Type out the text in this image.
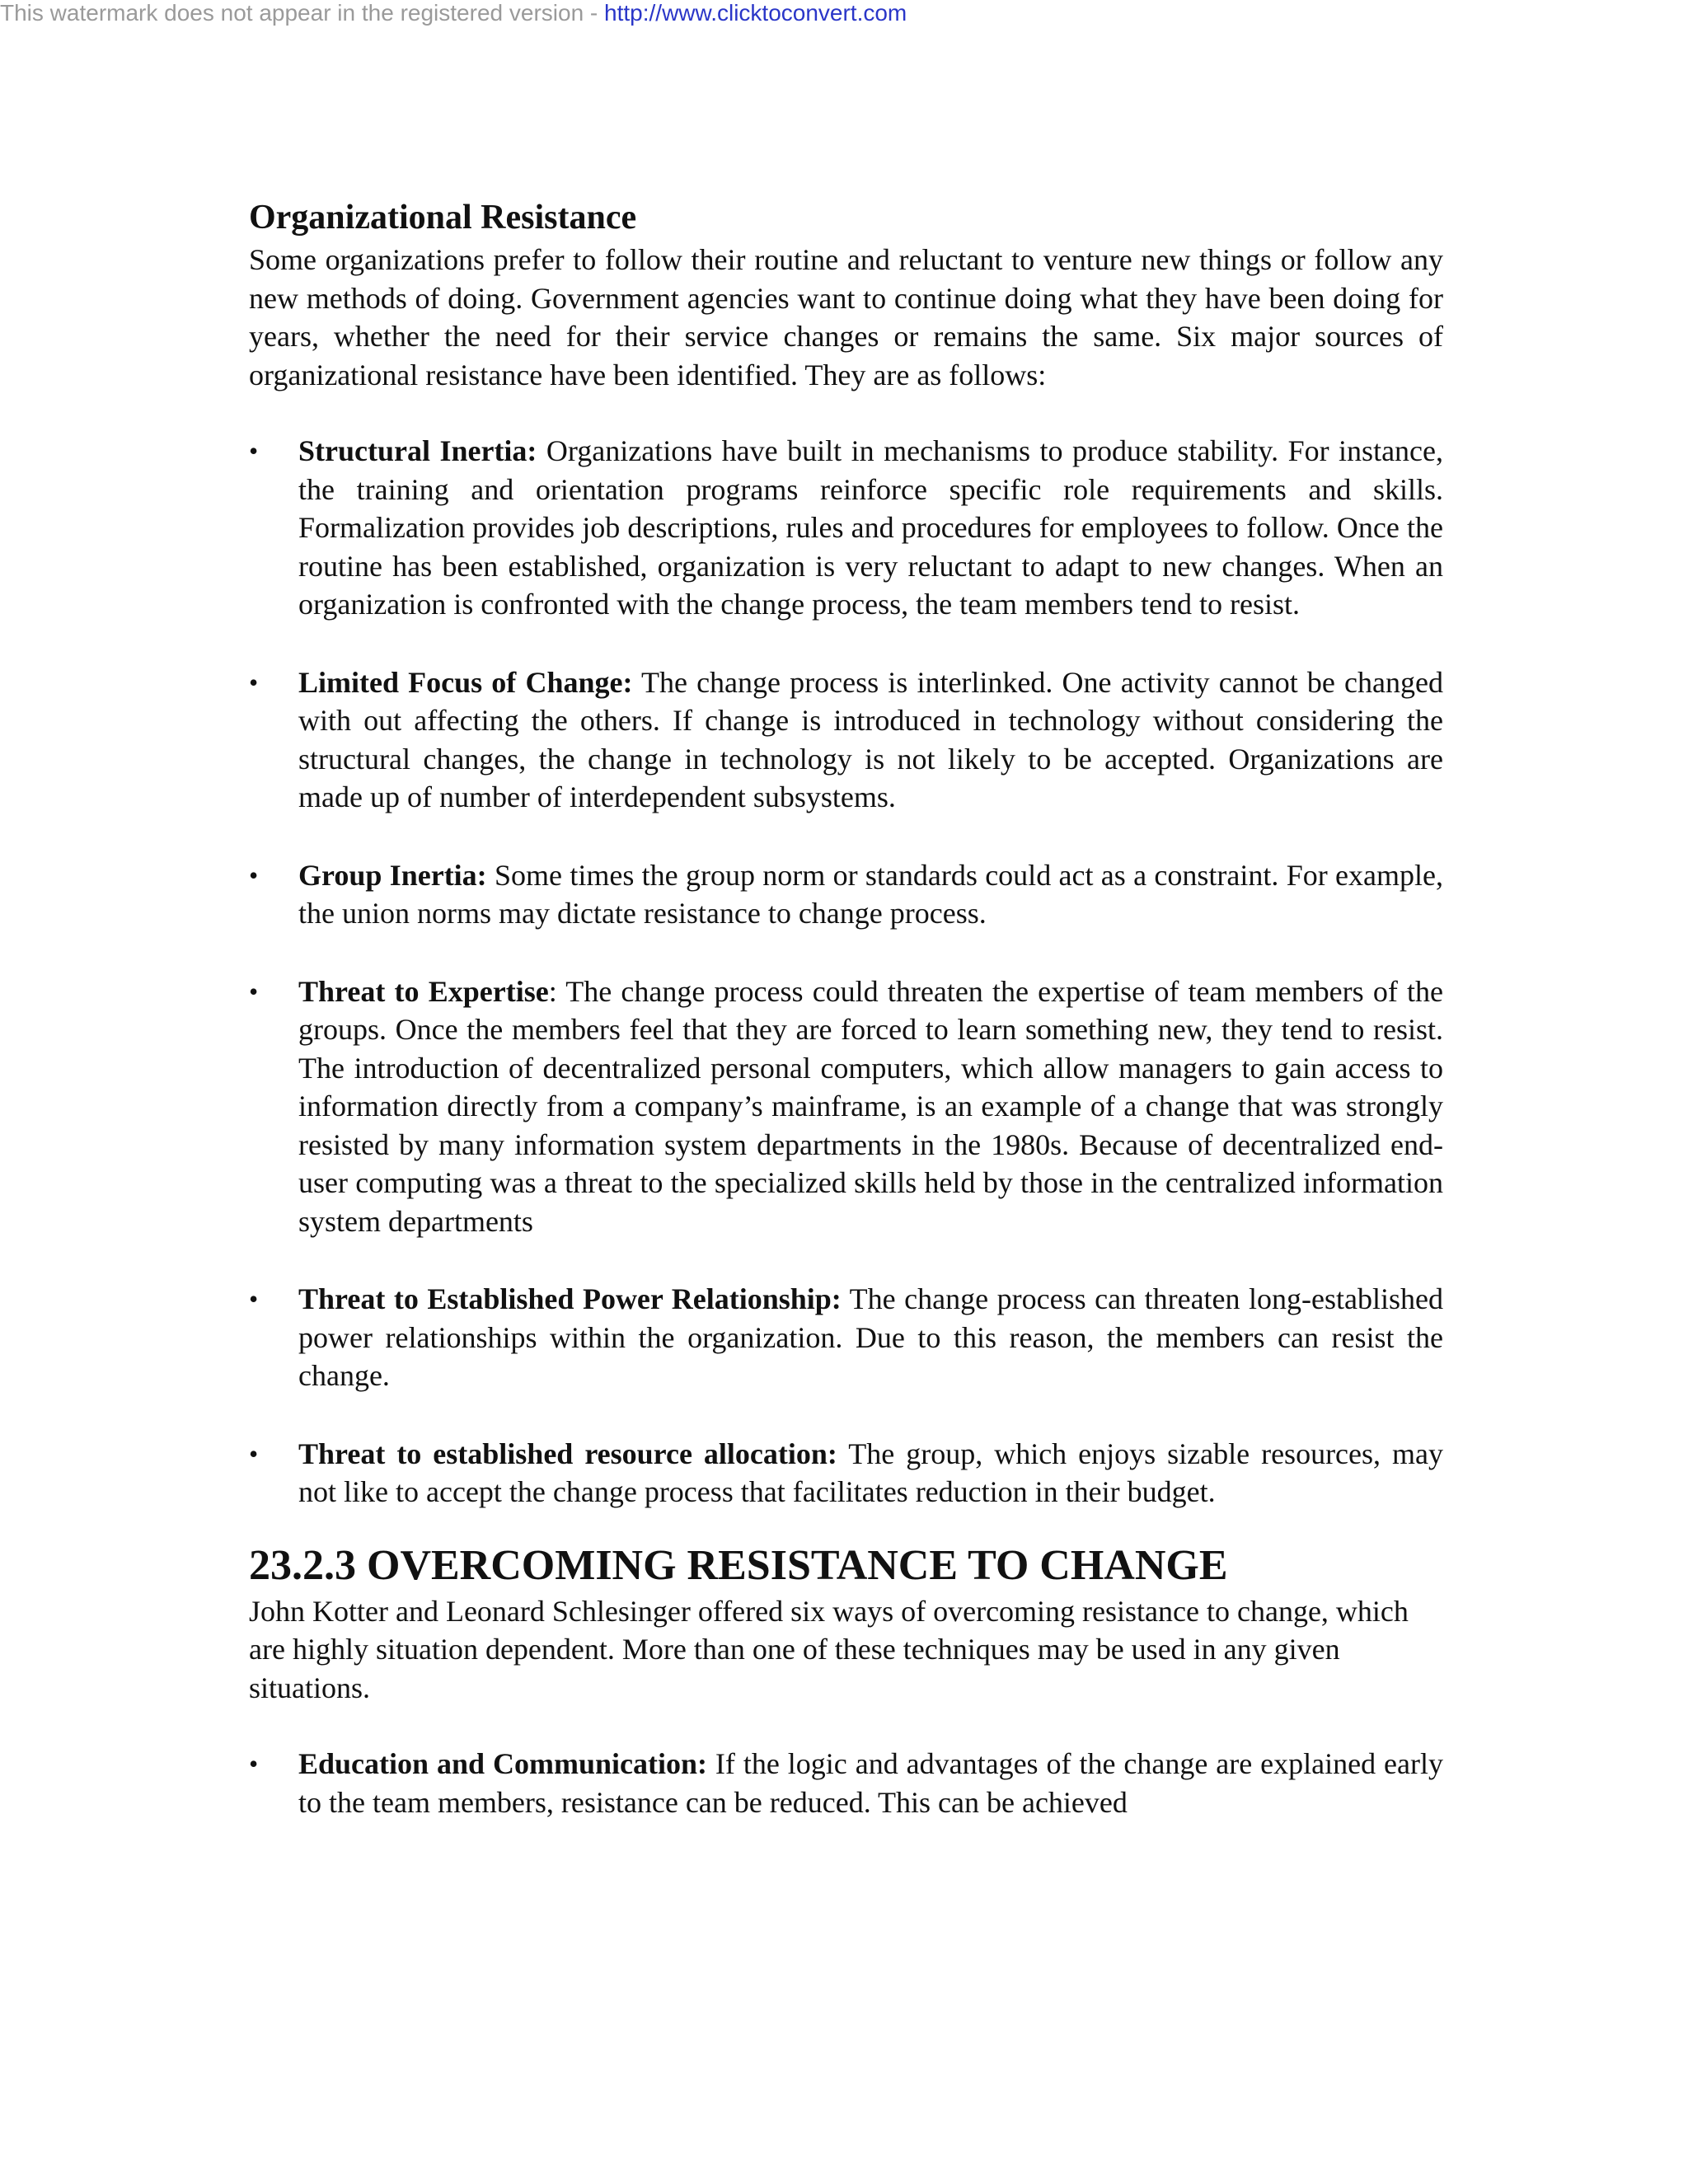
This watermark does not appear in the registered version - http://www.clicktoconvert.com
Organizational Resistance

Some organizations prefer to follow their routine and reluctant to venture new things or follow any new methods of doing. Government agencies want to continue doing what they have been doing for years, whether the need for their service changes or remains the same. Six major sources of organizational resistance have been identified. They are as follows:

•	Structural Inertia: Organizations have built in mechanisms to produce stability. For instance, the training and orientation programs reinforce specific role requirements and skills. Formalization provides job descriptions, rules and procedures for employees to follow. Once the routine has been established, organization is very reluctant to adapt to new changes. When an organization is confronted with the change process, the team members tend to resist.
•	Limited Focus of Change: The change process is interlinked. One activity cannot be changed with out affecting the others. If change is introduced in technology without considering the structural changes, the change in technology is not likely to be accepted. Organizations are made up of number of interdependent subsystems.
•	Group Inertia: Some times the group norm or standards could act as a constraint. For example, the union norms may dictate resistance to change process.
•	Threat to Expertise: The change process could threaten the expertise of team members of the groups. Once the members feel that they are forced to learn something new, they tend to resist. The introduction of decentralized personal computers, which allow managers to gain access to information directly from a company’s mainframe, is an example of a change that was strongly resisted by many information system departments in the 1980s. Because of decentralized end-user computing was a threat to the specialized skills held by those in the centralized information system departments
•	Threat to Established Power Relationship: The change process can threaten long-established power relationships within the organization. Due to this reason, the members can resist the change.
•	Threat to established resource allocation: The group, which enjoys sizable resources, may not like to accept the change process that facilitates reduction in their budget.
23.2.3 OVERCOMING RESISTANCE TO CHANGE

John Kotter and Leonard Schlesinger offered six ways of overcoming resistance to change, which are highly situation dependent. More than one of these techniques may be used in any given situations.

•	Education and Communication: If the logic and advantages of the change are explained early to the team members, resistance can be reduced. This can be achieved
